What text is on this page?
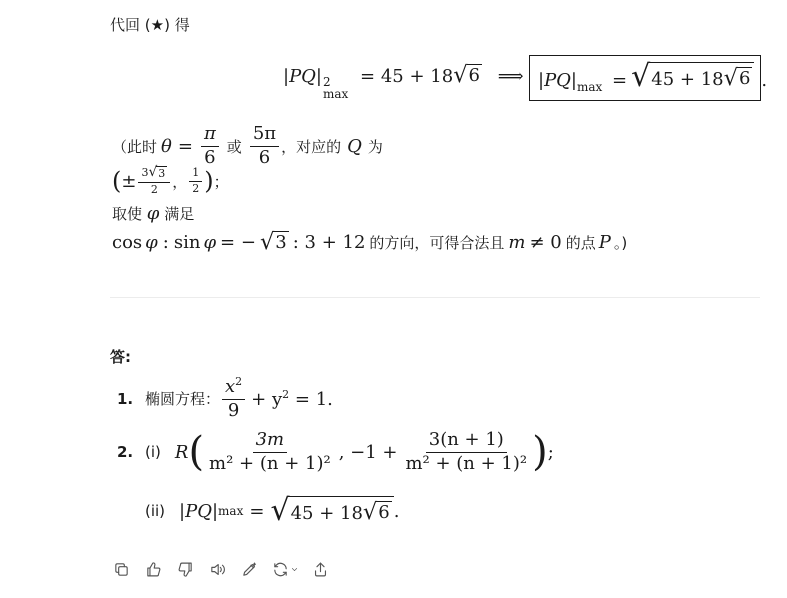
代回 (★) 得
|PQ| 2
max
= 45 + 18 √ 6 ⟹ $|PQ|_{max}$ = √ 45 + 18 √ 6 .
（此时 $\theta = \frac{\pi}{6}$ 或 $\frac{5\pi}{6}$ ，对应的 Q 为
( ± $\frac{3 √ 3}{2}$ ， $\frac{1}{2}$ ) ；
取使 φ 满足
cos φ : sin φ = − √ 3 : 3 + 12 的方向，可得合法且 m ≠ 0 的点 P 。)
答:
1. 椭圆方程： $\frac{x^2}{9} + y^2 = 1$.
2. (i) R ( $\frac{3m}{\text{m² + (n + 1)²}}$ , $-1 + \frac{3(n + 1)}{\text{m² + (n + 1)²}}$ ) ;
(ii) |PQ| max = √ 45 + 18 √ 6 .
